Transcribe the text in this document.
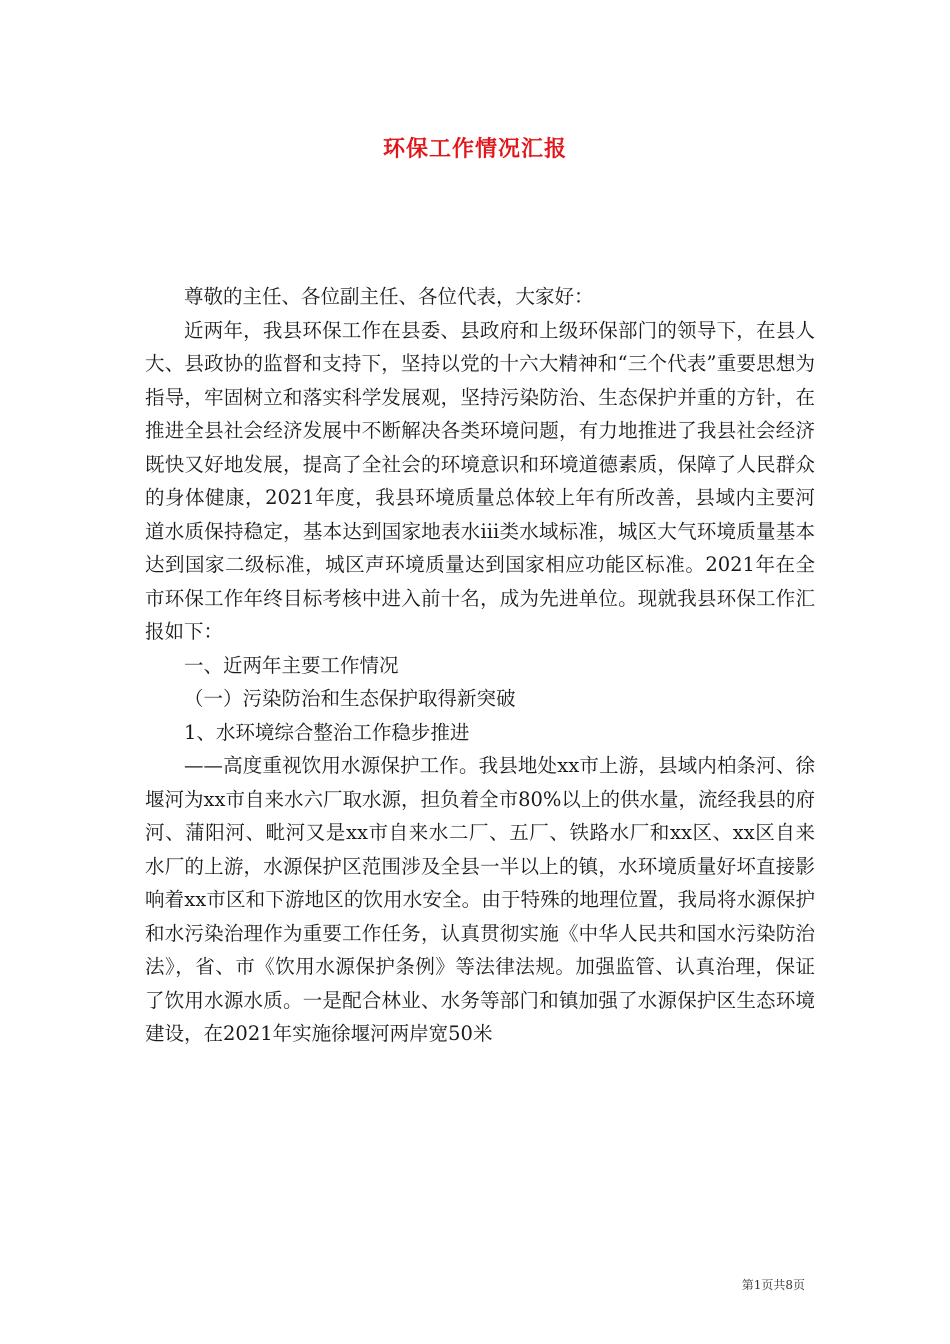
环保工作情况汇报

尊敬的主任、各位副主任、各位代表，大家好：

近两年，我县环保工作在县委、县政府和上级环保部门的领导下，在县人大、县政协的监督和支持下，坚持以党的十六大精神和“三个代表”重要思想为指导，牢固树立和落实科学发展观，坚持污染防治、生态保护并重的方针，在推进全县社会经济发展中不断解决各类环境问题，有力地推进了我县社会经济既快又好地发展，提高了全社会的环境意识和环境道德素质，保障了人民群众的身体健康，2021年度，我县环境质量总体较上年有所改善，县域内主要河道水质保持稳定，基本达到国家地表水iii类水域标准，城区大气环境质量基本达到国家二级标准，城区声环境质量达到国家相应功能区标准。2021年在全市环保工作年终目标考核中进入前十名，成为先进单位。现就我县环保工作汇报如下：

一、近两年主要工作情况

（一）污染防治和生态保护取得新突破

1、水环境综合整治工作稳步推进

——高度重视饮用水源保护工作。我县地处xx市上游，县域内柏条河、徐堰河为xx市自来水六厂取水源，担负着全市80%以上的供水量，流经我县的府河、蒲阳河、毗河又是xx市自来水二厂、五厂、铁路水厂和xx区、xx区自来水厂的上游，水源保护区范围涉及全县一半以上的镇，水环境质量好坏直接影响着xx市区和下游地区的饮用水安全。由于特殊的地理位置，我局将水源保护和水污染治理作为重要工作任务，认真贯彻实施《中华人民共和国水污染防治法》，省、市《饮用水源保护条例》等法律法规。加强监管、认真治理，保证了饮用水源水质。一是配合林业、水务等部门和镇加强了水源保护区生态环境建设，在2021年实施徐堰河两岸宽50米

第1页共8页
